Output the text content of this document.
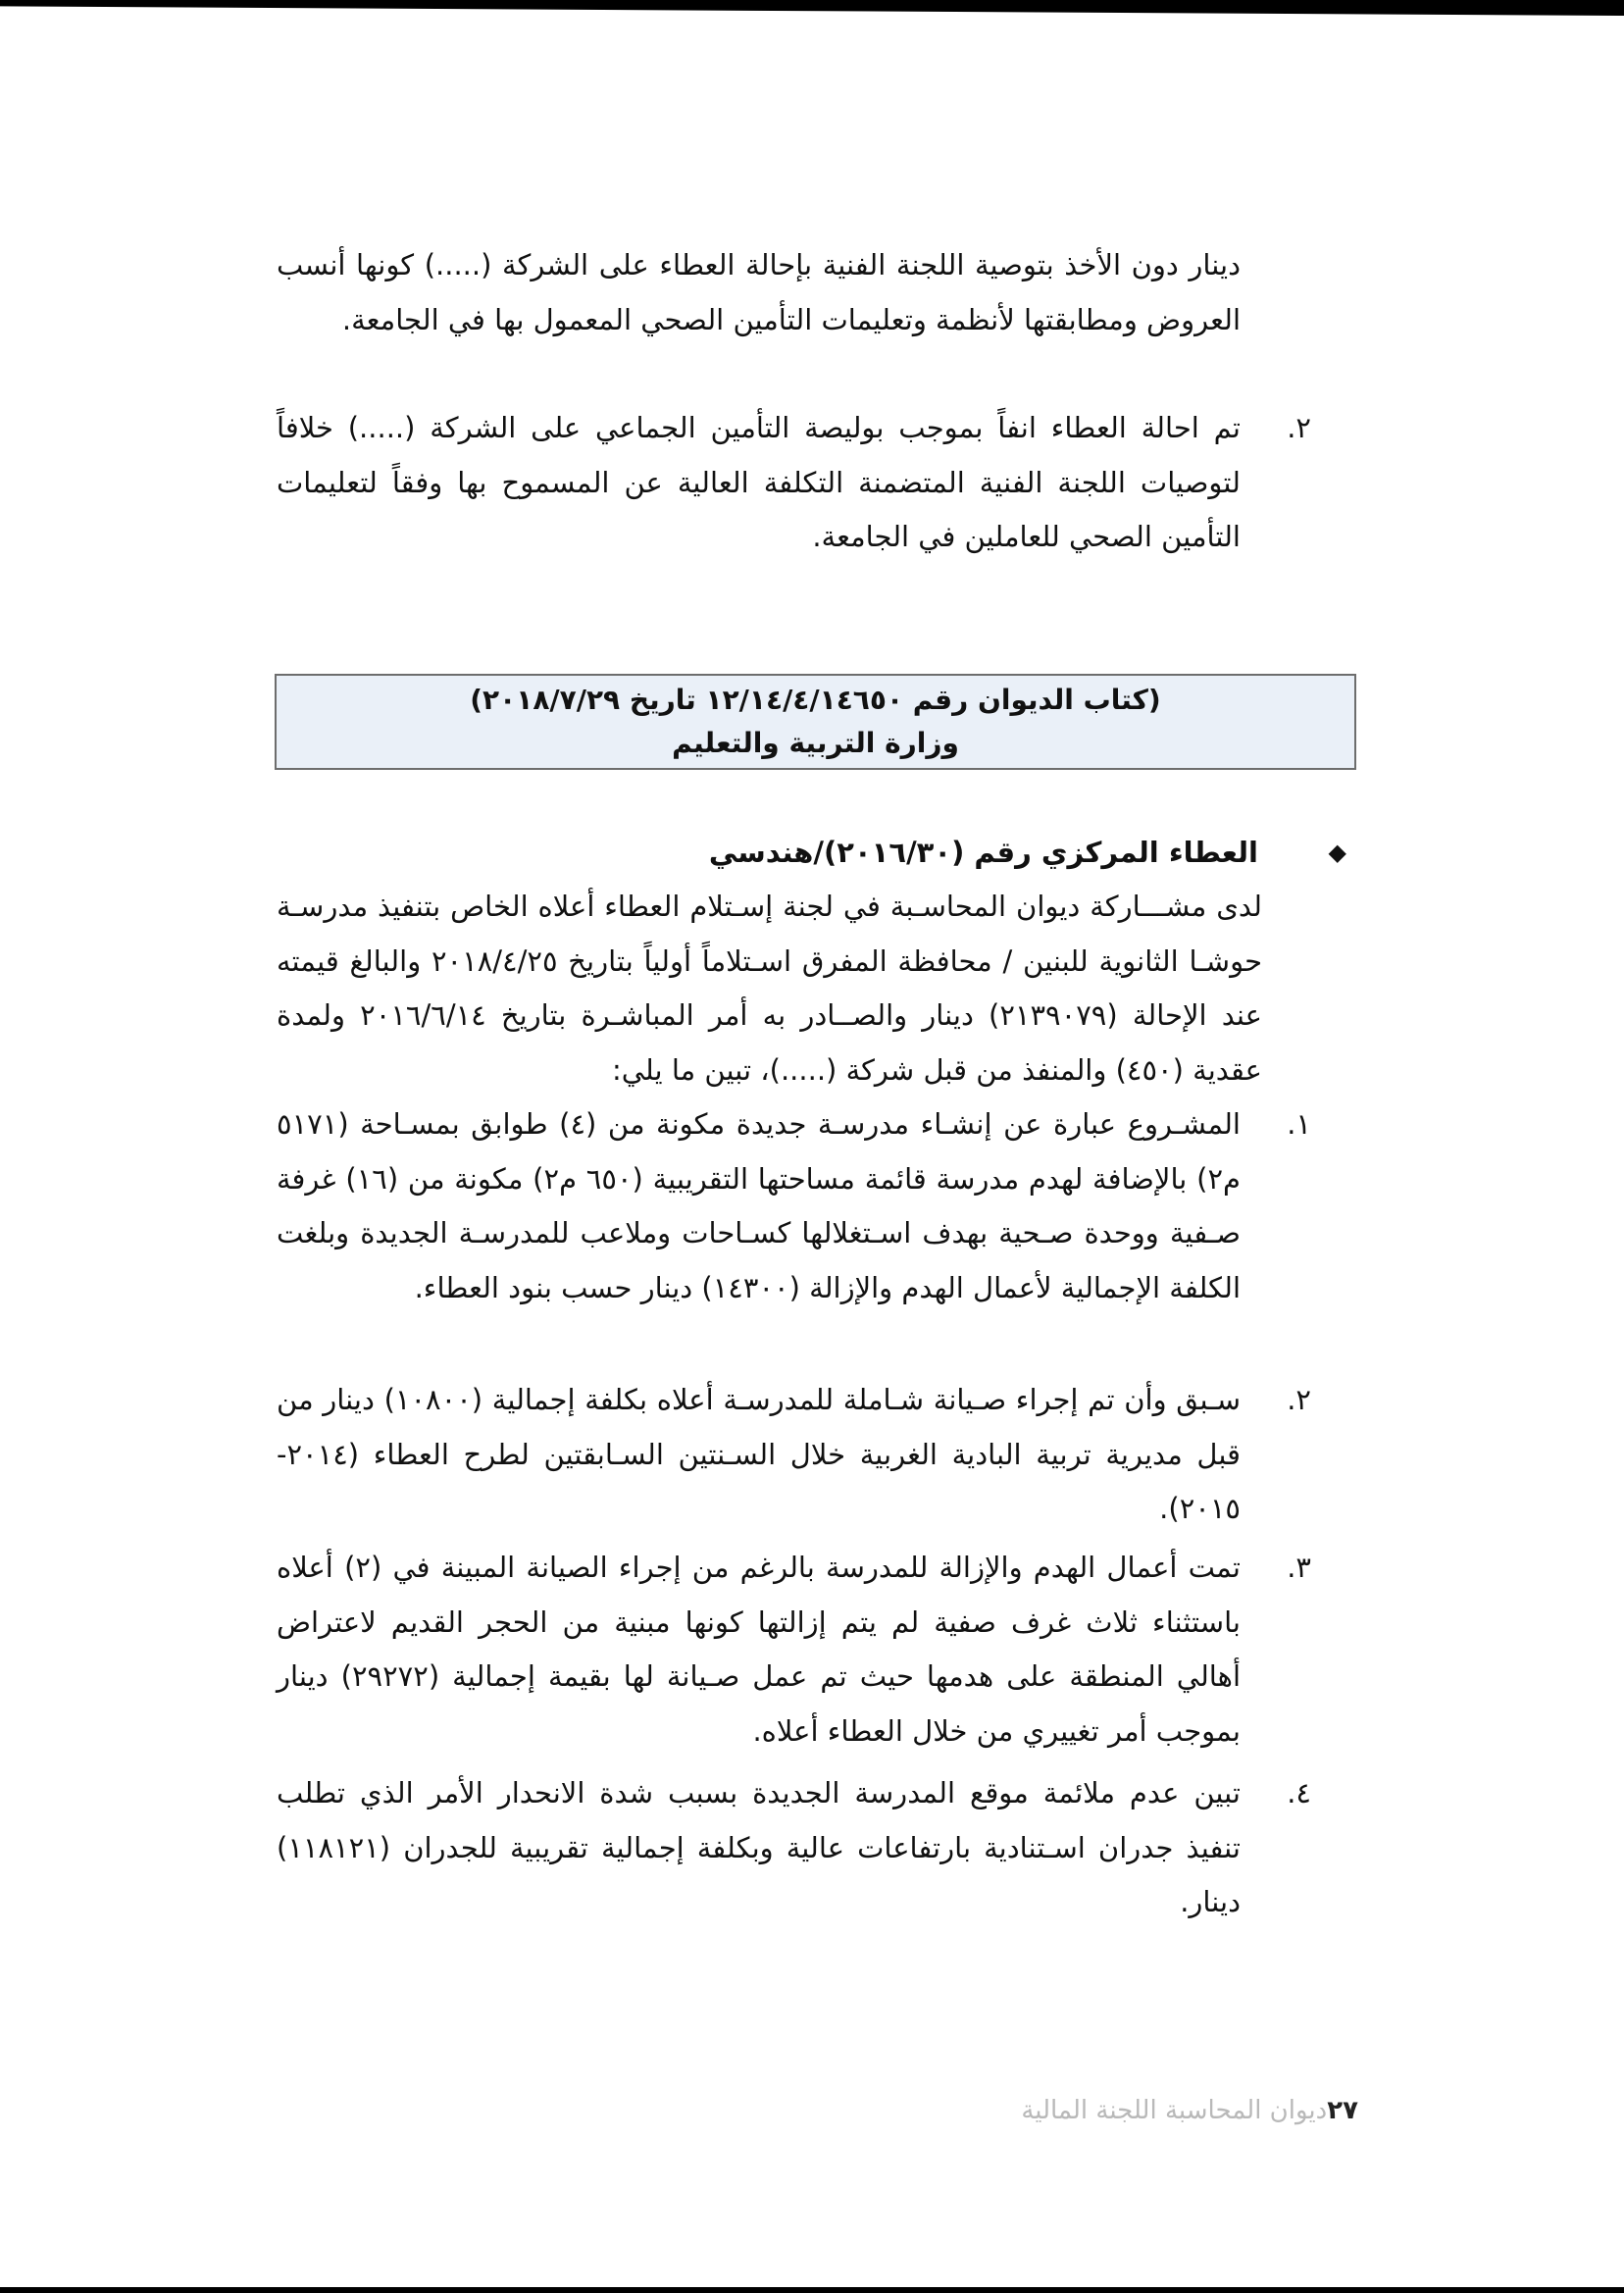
دينار دون الأخذ بتوصية اللجنة الفنية بإحالة العطاء على الشركة (.....) كونها أنسب العروض ومطابقتها لأنظمة وتعليمات التأمين الصحي المعمول بها في الجامعة.

٢.
تم احالة العطاء انفاً بموجب بوليصة التأمين الجماعي على الشركة (.....) خلافاً لتوصيات اللجنة الفنية المتضمنة التكلفة العالية عن المسموح بها وفقاً لتعليمات التأمين الصحي للعاملين في الجامعة.
(كتاب الديوان رقم ١٢/١٤/٤/١٤٦٥٠ تاريخ ٢٠١٨/٧/٢٩)
وزارة التربية والتعليم
◆
العطاء المركزي رقم (٢٠١٦/٣٠)/هندسي

لدى مشـــاركة ديوان المحاسـبة في لجنة إسـتلام العطاء أعلاه الخاص بتنفيذ مدرسـة حوشـا الثانوية للبنين / محافظة المفرق اسـتلاماً أولياً بتاريخ ٢٠١٨/٤/٢٥ والبالغ قيمته عند الإحالة (٢١٣٩٠٧٩) دينار والصــادر به أمر المباشـرة بتاريخ ٢٠١٦/٦/١٤ ولمدة عقدية (٤٥٠) والمنفذ من قبل شركة (.....)، تبين ما يلي:

١.
المشـروع عبارة عن إنشـاء مدرسـة جديدة مكونة من (٤) طوابق بمسـاحة (٥١٧١ م٢) بالإضافة لهدم مدرسة قائمة مساحتها التقريبية (٦٥٠ م٢) مكونة من (١٦) غرفة صـفية ووحدة صـحية بهدف اسـتغلالها كسـاحات وملاعب للمدرسـة الجديدة وبلغت الكلفة الإجمالية لأعمال الهدم والإزالة (١٤٣٠٠) دينار حسب بنود العطاء.
٢.
سـبق وأن تم إجراء صـيانة شـاملة للمدرسـة أعلاه بكلفة إجمالية (١٠٨٠٠) دينار من قبل مديرية تربية البادية الغربية خلال السـنتين السـابقتين لطرح العطاء (٢٠١٤- ٢٠١٥).
٣.
تمت أعمال الهدم والإزالة للمدرسة بالرغم من إجراء الصيانة المبينة في (٢) أعلاه باستثناء ثلاث غرف صفية لم يتم إزالتها كونها مبنية من الحجر القديم لاعتراض أهالي المنطقة على هدمها حيث تم عمل صـيانة لها بقيمة إجمالية (٢٩٢٧٢) دينار بموجب أمر تغييري من خلال العطاء أعلاه.
٤.
تبين عدم ملائمة موقع المدرسة الجديدة بسبب شدة الانحدار الأمر الذي تطلب تنفيذ جدران اسـتنادية بارتفاعات عالية وبكلفة إجمالية تقريبية للجدران (١١٨١٢١) دينار.
٢٧ديوان المحاسبة اللجنة المالية
